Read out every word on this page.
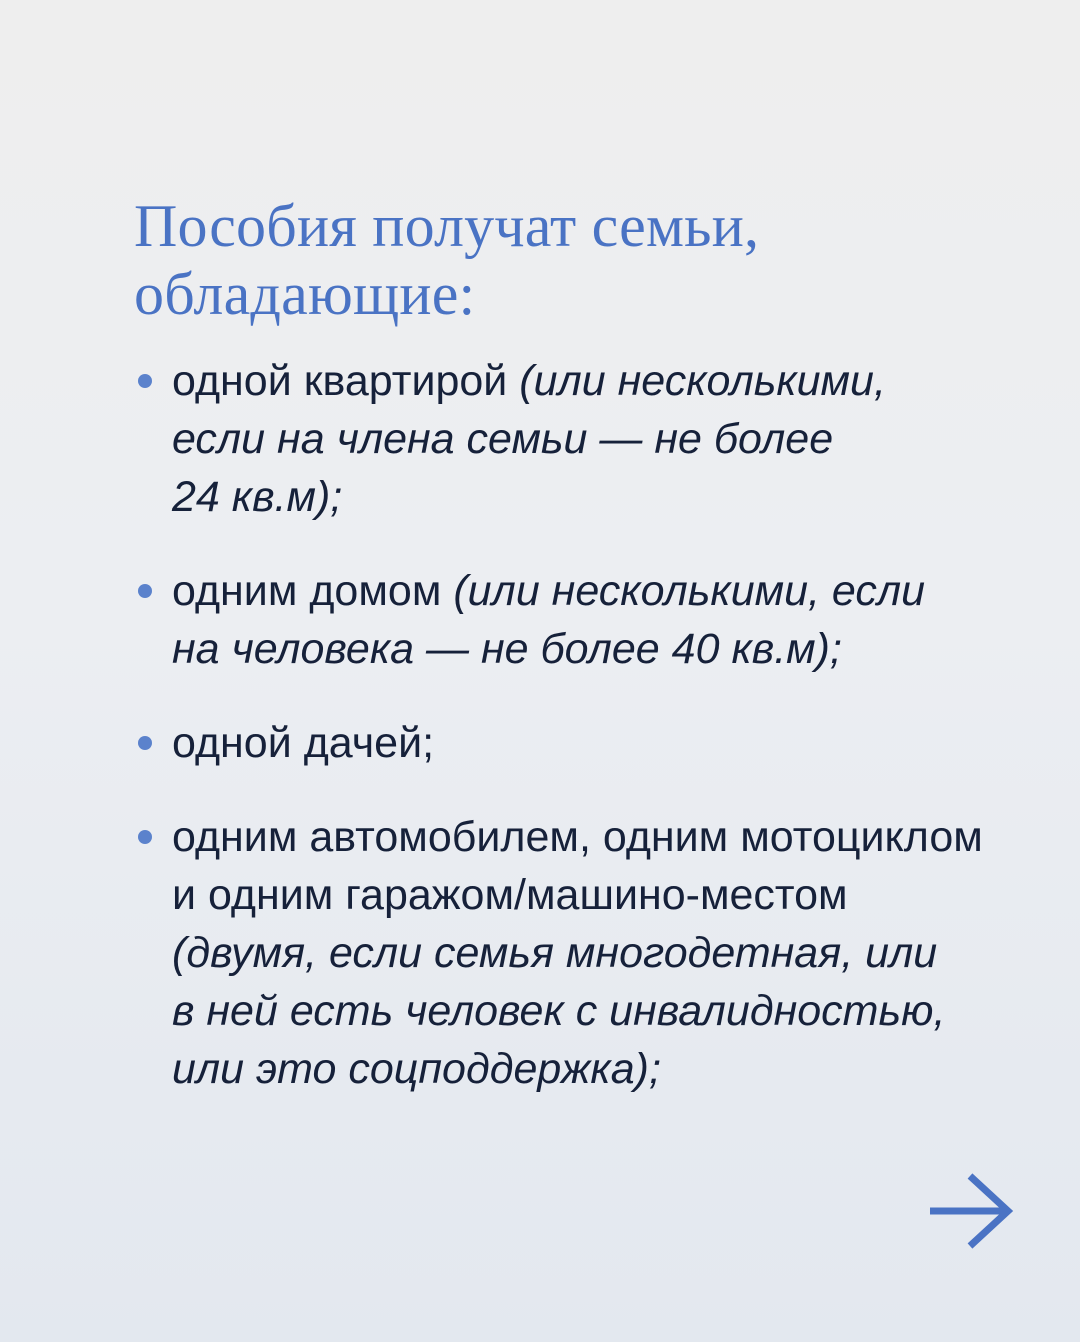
Пособия получат семьи,
обладающие:
одной квартирой (или несколькими,
если на члена семьи — не более
24 кв.м);
одним домом (или несколькими, если
на человека — не более 40 кв.м);
одной дачей;
одним автомобилем, одним мотоциклом
и одним гаражом/машино-местом
(двумя, если семья многодетная, или
в ней есть человек с инвалидностью,
или это соцподдержка);
